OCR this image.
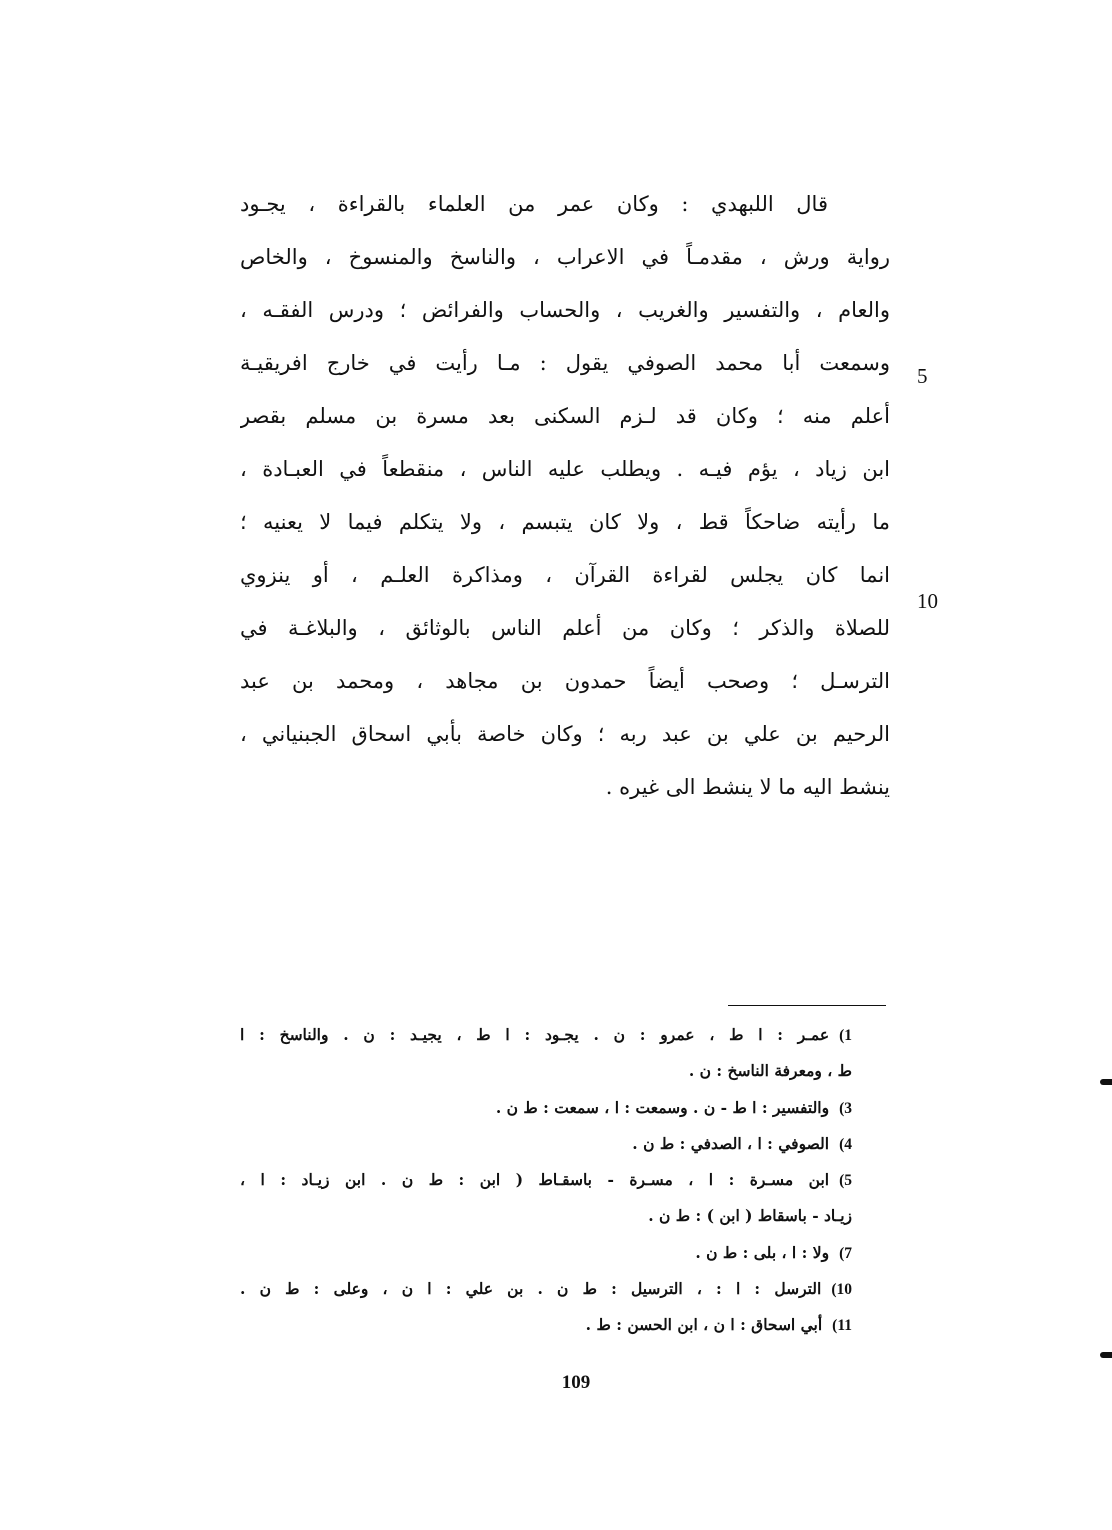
قال اللبهدي : وكان عمر من العلماء بالقراءة ، يجـود
رواية ورش ، مقدمـاً في الاعراب ، والناسخ والمنسوخ ، والخاص
والعام ، والتفسير والغريب ، والحساب والفرائض ؛ ودرس الفقـه ،
وسمعت أبا محمد الصوفي يقول : مـا رأيت في خارج افريقيـة
أعلم منه ؛ وكان قد لـزم السكنى بعد مسرة بن مسلم بقصر
ابن زياد ، يؤم فيـه . ويطلب عليه الناس ، منقطعاً في العبـادة ،
ما رأيته ضاحكاً قط ، ولا كان يتبسم ، ولا يتكلم فيما لا يعنيه ؛
انما كان يجلس لقراءة القرآن ، ومذاكرة العلـم ، أو ينزوي
للصلاة والذكر ؛ وكان من أعلم الناس بالوثائق ، والبلاغـة في
الترسـل ؛ وصحب أيضاً حمدون بن مجاهد ، ومحمد بن عبد
الرحيم بن علي بن عبد ربه ؛ وكان خاصة بأبي اسحاق الجبنياني ،
ينشط اليه ما لا ينشط الى غيره .
5
10
1)عمـر : ا ط ، عمرو : ن . يجـود : ا ط ، يجيـد : ن . والناسخ : ا
ط ، ومعرفة الناسخ : ن .
3)والتفسير : ا ط - ن . وسمعت : ا ، سمعت : ط ن .
4)الصوفي : ا ، الصدفي : ط ن .
5)ابن مسـرة : ا ، مسـرة - باسقـاط ( ابن : ط ن . ابن زيـاد : ا ،
زيـاد - باسقاط ( ابن ) : ط ن .
7)ولا : ا ، بلى : ط ن .
10)الترسل : ا : ، الترسيل : ط ن . بن علي : ا ن ، وعلى : ط ن .
11)أبي اسحاق : ا ن ، ابن الحسن : ط .
109
